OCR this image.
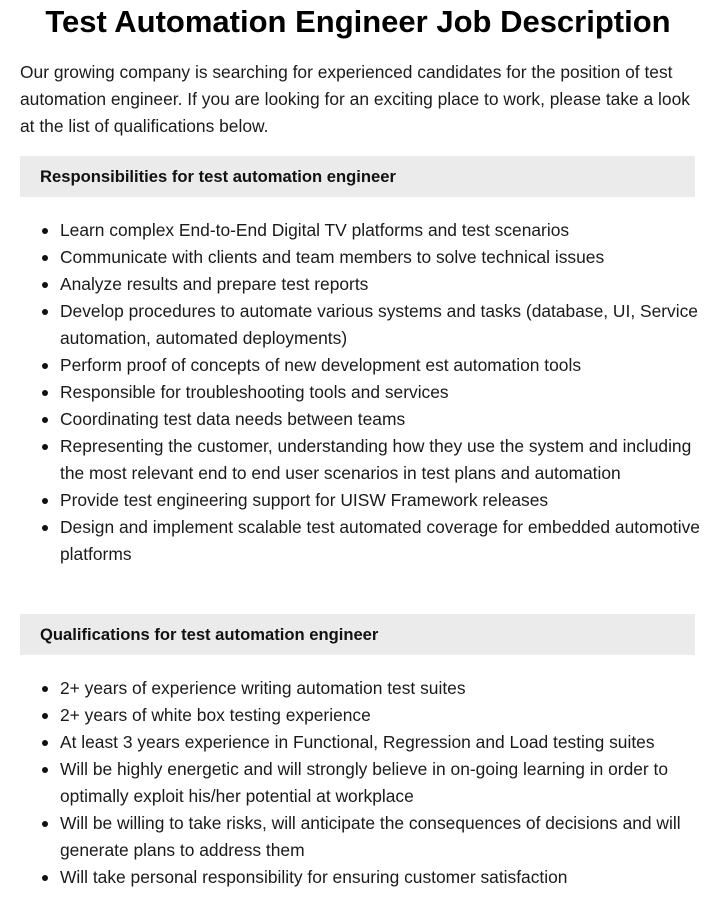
Test Automation Engineer Job Description

Our growing company is searching for experienced candidates for the position of test automation engineer. If you are looking for an exciting place to work, please take a look at the list of qualifications below.

Responsibilities for test automation engineer
Learn complex End-to-End Digital TV platforms and test scenarios
Communicate with clients and team members to solve technical issues
Analyze results and prepare test reports
Develop procedures to automate various systems and tasks (database, UI, Service automation, automated deployments)
Perform proof of concepts of new development est automation tools
Responsible for troubleshooting tools and services
Coordinating test data needs between teams
Representing the customer, understanding how they use the system and including the most relevant end to end user scenarios in test plans and automation
Provide test engineering support for UISW Framework releases
Design and implement scalable test automated coverage for embedded automotive platforms
Qualifications for test automation engineer
2+ years of experience writing automation test suites
2+ years of white box testing experience
At least 3 years experience in Functional, Regression and Load testing suites
Will be highly energetic and will strongly believe in on-going learning in order to optimally exploit his/her potential at workplace
Will be willing to take risks, will anticipate the consequences of decisions and will generate plans to address them
Will take personal responsibility for ensuring customer satisfaction
